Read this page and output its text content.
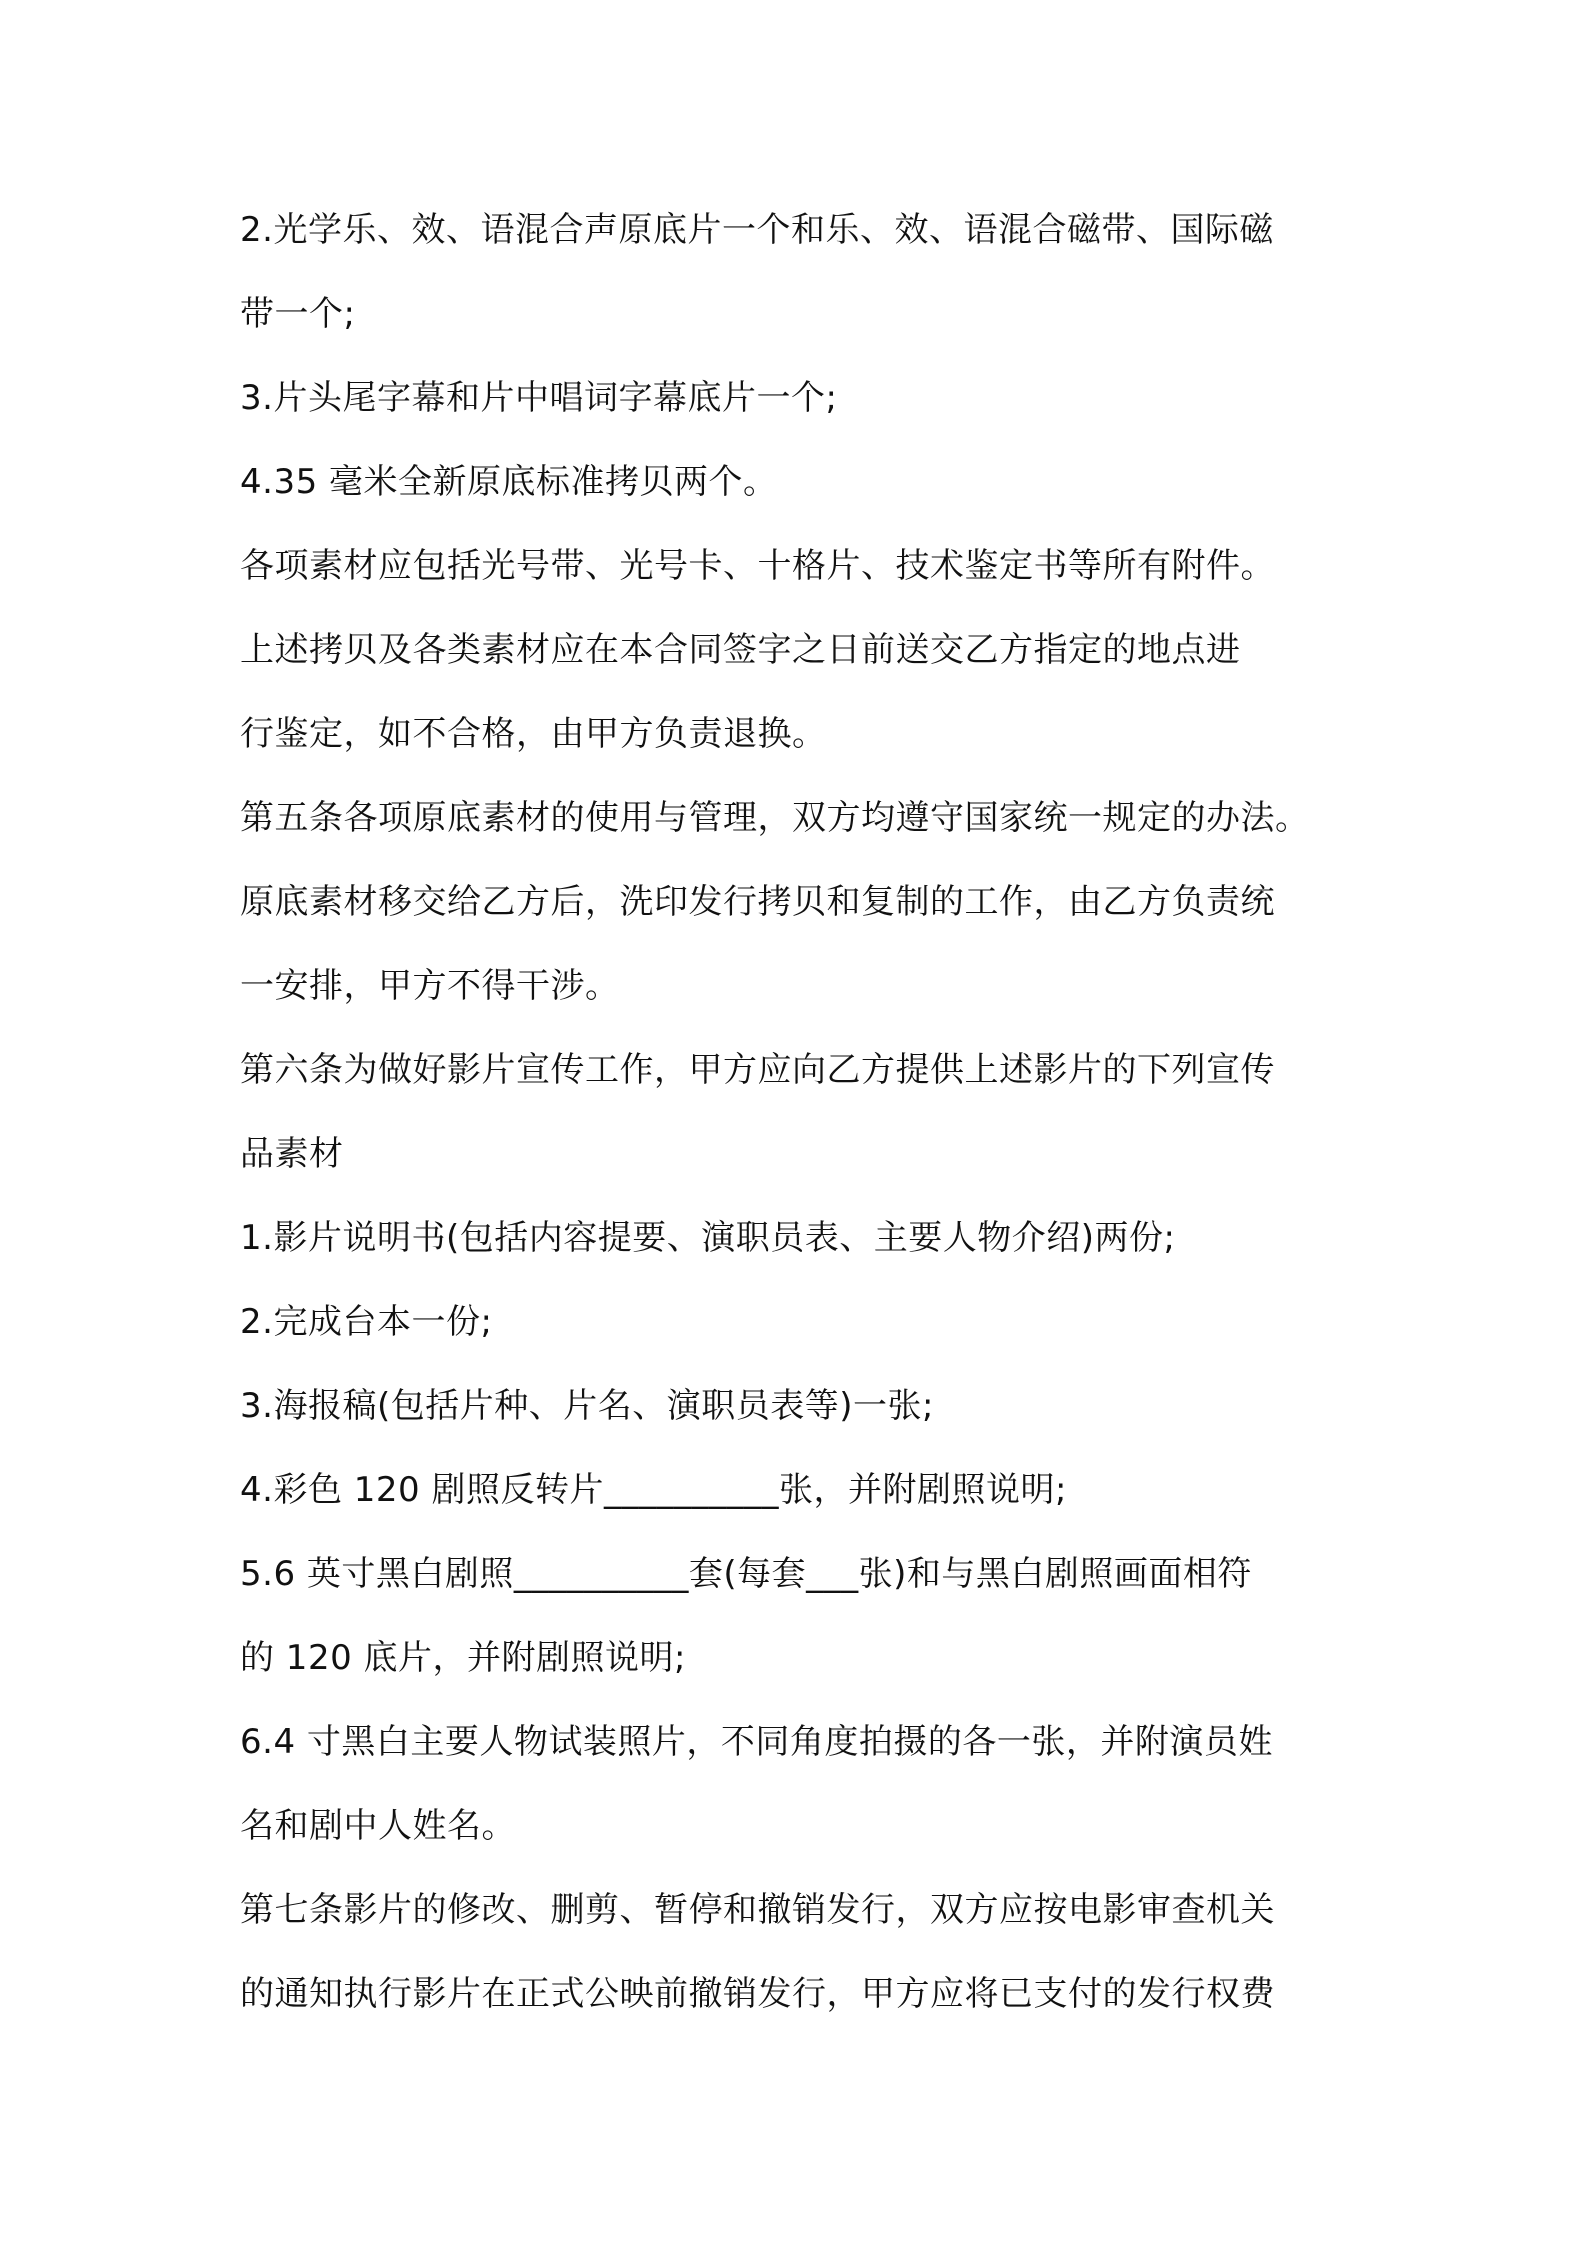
2.光学乐、效、语混合声原底片一个和乐、效、语混合磁带、国际磁
带一个;
3.片头尾字幕和片中唱词字幕底片一个;
4.35 毫米全新原底标准拷贝两个。
各项素材应包括光号带、光号卡、十格片、技术鉴定书等所有附件。
上述拷贝及各类素材应在本合同签字之日前送交乙方指定的地点进
行鉴定，如不合格，由甲方负责退换。
第五条各项原底素材的使用与管理，双方均遵守国家统一规定的办法。
原底素材移交给乙方后，洗印发行拷贝和复制的工作，由乙方负责统
一安排，甲方不得干涉。
第六条为做好影片宣传工作，甲方应向乙方提供上述影片的下列宣传
品素材
1.影片说明书(包括内容提要、演职员表、主要人物介绍)两份;
2.完成台本一份;
3.海报稿(包括片种、片名、演职员表等)一张;
4.彩色 120 剧照反转片__________张，并附剧照说明;
5.6 英寸黑白剧照__________套(每套___张)和与黑白剧照画面相符
的 120 底片，并附剧照说明;
6.4 寸黑白主要人物试装照片，不同角度拍摄的各一张，并附演员姓
名和剧中人姓名。
第七条影片的修改、删剪、暂停和撤销发行，双方应按电影审查机关
的通知执行影片在正式公映前撤销发行，甲方应将已支付的发行权费
